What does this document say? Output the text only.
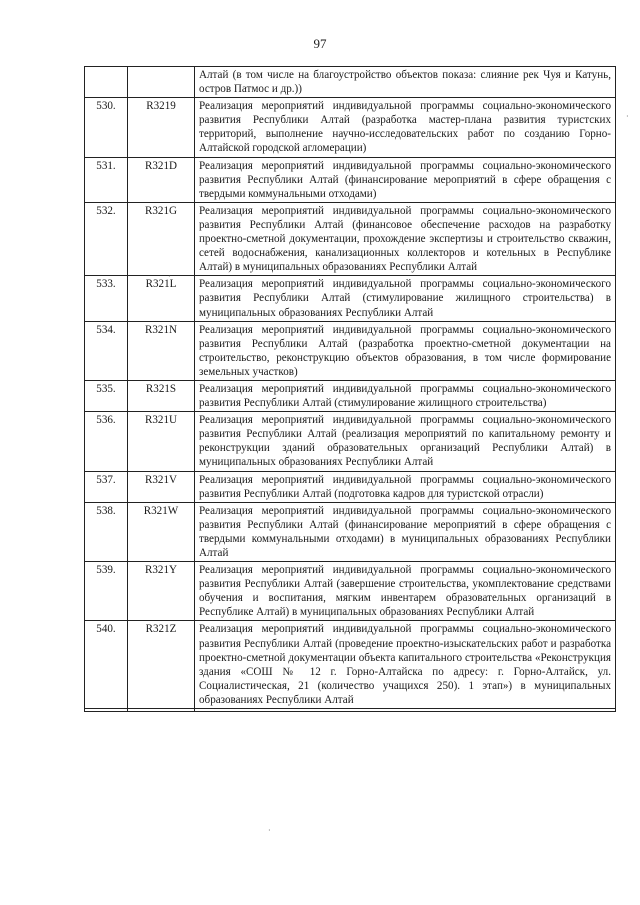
97
		Алтай (в том числе на благоустройство объектов показа: слияние рек Чуя и Катунь, остров Патмос и др.))
530.	R3219	Реализация мероприятий индивидуальной программы социально-экономического развития Республики Алтай (разработка мастер-плана развития туристских территорий, выполнение научно-исследовательских работ по созданию Горно-Алтайской городской агломерации)
531.	R321D	Реализация мероприятий индивидуальной программы социально-экономического развития Республики Алтай (финансирование мероприятий в сфере обращения с твердыми коммунальными отходами)
532.	R321G	Реализация мероприятий индивидуальной программы социально-экономического развития Республики Алтай (финансовое обеспечение расходов на разработку проектно-сметной документации, прохождение экспертизы и строительство скважин, сетей водоснабжения, канализационных коллекторов и котельных в Республике Алтай) в муниципальных образованиях Республики Алтай
533.	R321L	Реализация мероприятий индивидуальной программы социально-экономического развития Республики Алтай (стимулирование жилищного строительства) в муниципальных образованиях Республики Алтай
534.	R321N	Реализация мероприятий индивидуальной программы социально-экономического развития Республики Алтай (разработка проектно-сметной документации на строительство, реконструкцию объектов образования, в том числе формирование земельных участков)
535.	R321S	Реализация мероприятий индивидуальной программы социально-экономического развития Республики Алтай (стимулирование жилищного строительства)
536.	R321U	Реализация мероприятий индивидуальной программы социально-экономического развития Республики Алтай (реализация мероприятий по капитальному ремонту и реконструкции зданий образовательных организаций Республики Алтай) в муниципальных образованиях Республики Алтай
537.	R321V	Реализация мероприятий индивидуальной программы социально-экономического развития Республики Алтай (подготовка кадров для туристской отрасли)
538.	R321W	Реализация мероприятий индивидуальной программы социально-экономического развития Республики Алтай (финансирование мероприятий в сфере обращения с твердыми коммунальными отходами) в муниципальных образованиях Республики Алтай
539.	R321Y	Реализация мероприятий индивидуальной программы социально-экономического развития Республики Алтай (завершение строительства, укомплектование средствами обучения и воспитания, мягким инвентарем образовательных организаций в Республике Алтай) в муниципальных образованиях Республики Алтай
540.	R321Z	Реализация мероприятий индивидуальной программы социально-экономического развития Республики Алтай (проведение проектно-изыскательских работ и разработка проектно-сметной документации объекта капитального строительства «Реконструкция здания «СОШ № 12 г. Горно-Алтайска по адресу: г. Горно-Алтайск, ул. Социалистическая, 21 (количество учащихся 250). 1 этап») в муниципальных образованиях Республики Алтай

·
·
·
